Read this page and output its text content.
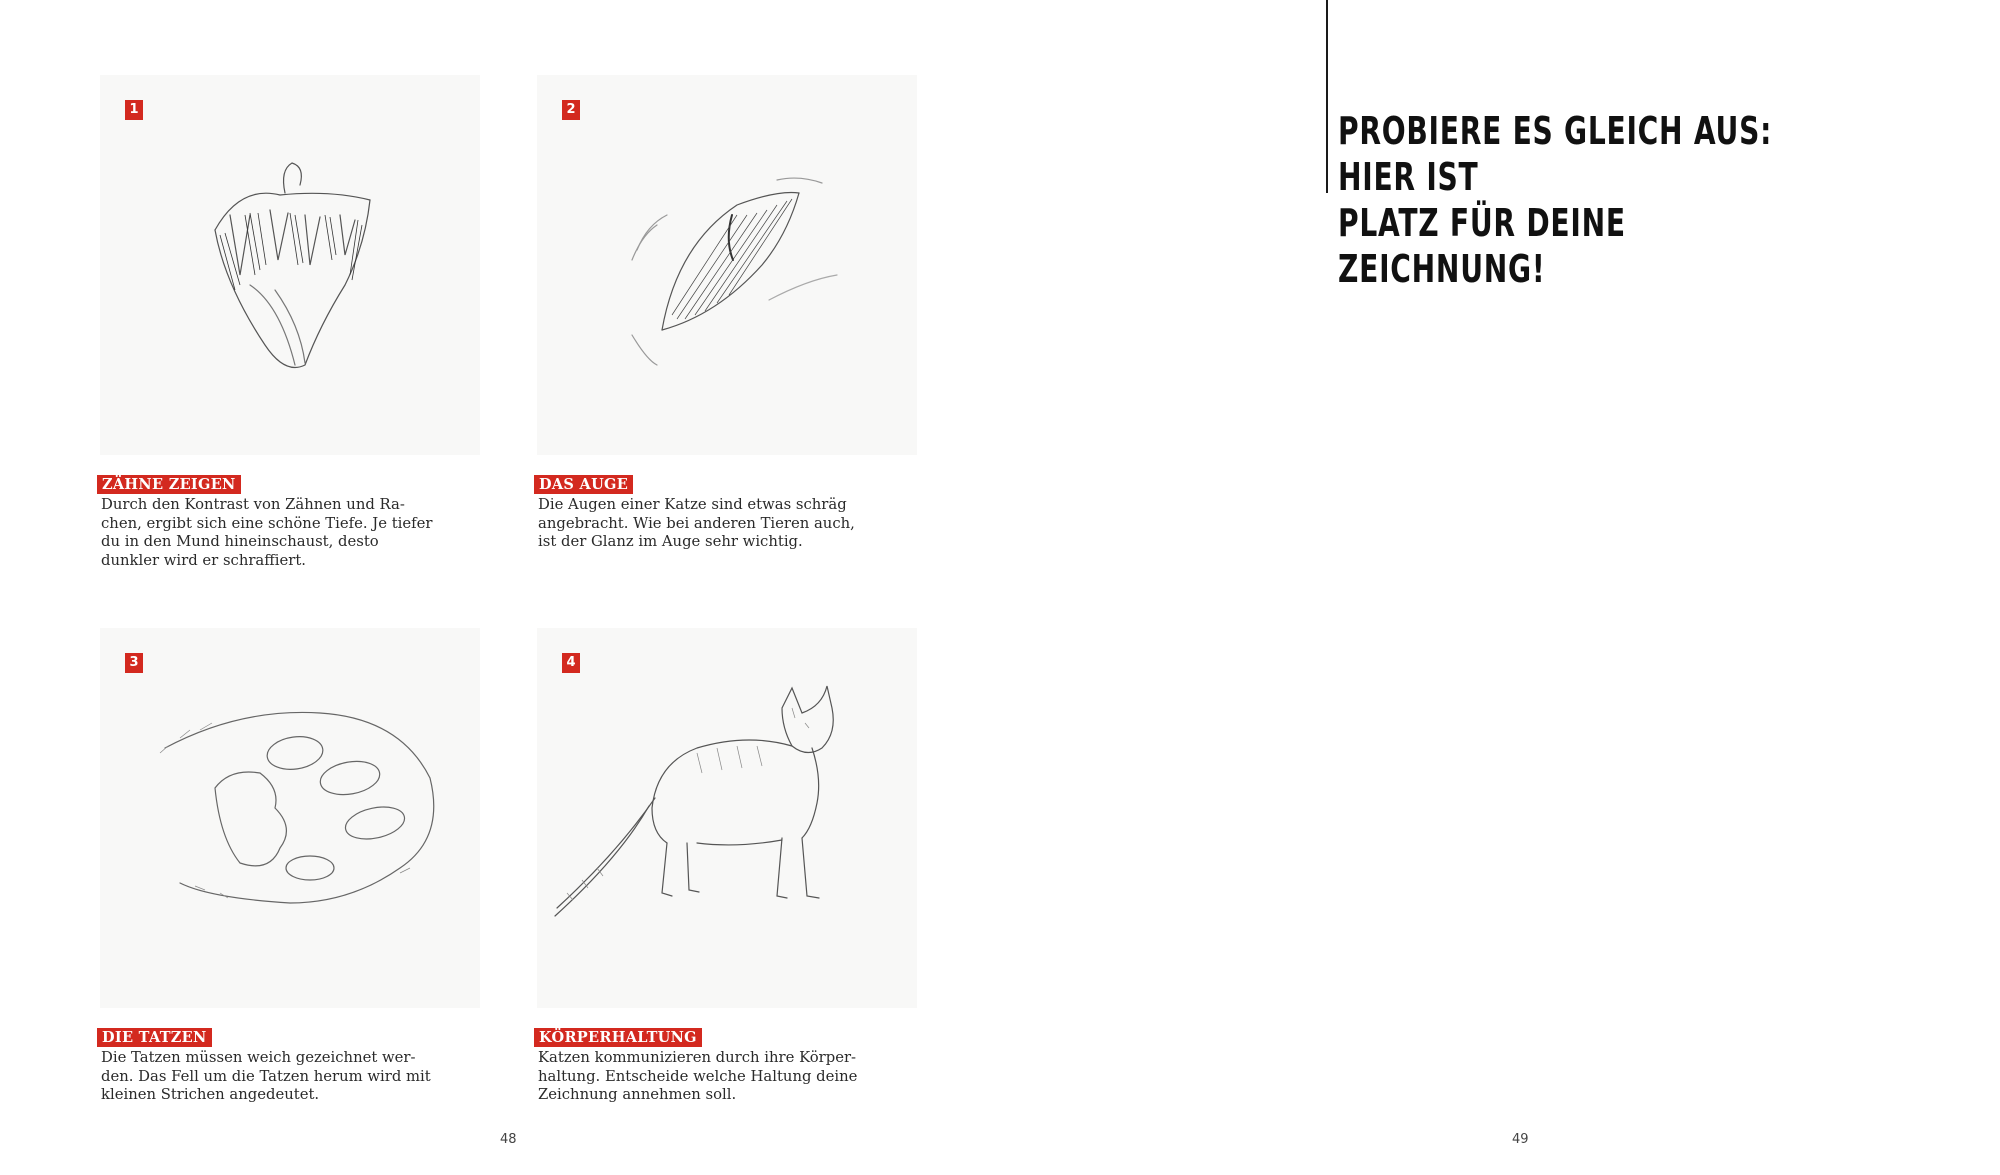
1
ZÄHNE ZEIGEN
Durch den Kontrast von Zähnen und Ra-
chen, ergibt sich eine schöne Tiefe. Je tiefer
du in den Mund hineinschaust, desto
dunkler wird er schraffiert.
2
DAS AUGE
Die Augen einer Katze sind etwas schräg
angebracht. Wie bei anderen Tieren auch,
ist der Glanz im Auge sehr wichtig.
3
DIE TATZEN
Die Tatzen müssen weich gezeichnet wer-
den. Das Fell um die Tatzen herum wird mit
kleinen Strichen angedeutet.
4
KÖRPERHALTUNG
Katzen kommunizieren durch ihre Körper-
haltung. Entscheide welche Haltung deine
Zeichnung annehmen soll.
48	49
PROBIERE ES GLEICH AUS: HIER IST
PLATZ FÜR DEINE ZEICHNUNG!
